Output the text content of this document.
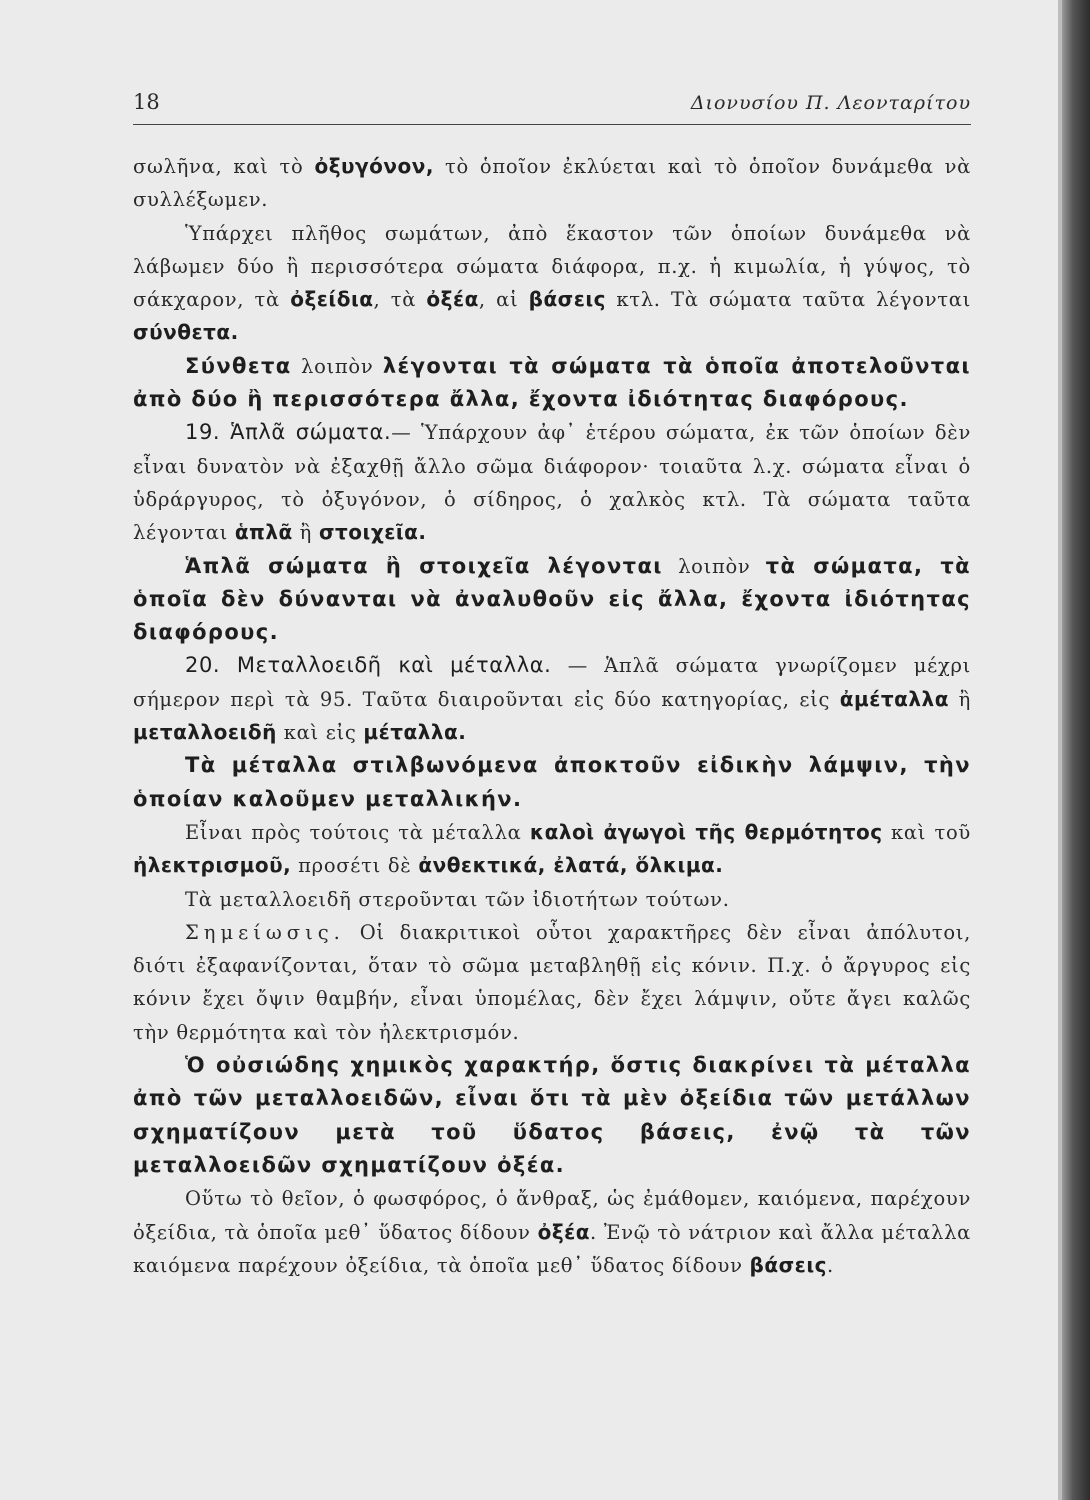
18	Διονυσίου Π. Λεονταρίτου

σωλῆνα, καὶ τὸ ὀξυγόνον, τὸ ὁποῖον ἐκλύεται καὶ τὸ ὁποῖον δυνάμεθα νὰ συλλέξωμεν.

Ὑπάρχει πλῆθος σωμάτων, ἀπὸ ἕκαστον τῶν ὁποίων δυνάμεθα νὰ λάβωμεν δύο ἢ περισσότερα σώματα διάφορα, π.χ. ἡ κιμωλία, ἡ γύψος, τὸ σάκχαρον, τὰ ὀξείδια, τὰ ὀξέα, αἱ βάσεις κτλ. Τὰ σώματα ταῦτα λέγονται σύνθετα.

Σύνθετα λοιπὸν λέγονται τὰ σώματα τὰ ὁποῖα ἀποτελοῦνται ἀπὸ δύο ἢ περισσότερα ἄλλα, ἔχοντα ἰδιότητας διαφόρους.

19. Ἁπλᾶ σώματα.— Ὑπάρχουν ἀφ᾽ ἑτέρου σώματα, ἐκ τῶν ὁποίων δὲν εἶναι δυνατὸν νὰ ἐξαχθῇ ἄλλο σῶμα διάφορον· τοιαῦτα λ.χ. σώματα εἶναι ὁ ὑδράργυρος, τὸ ὀξυγόνον, ὁ σίδηρος, ὁ χαλκὸς κτλ. Τὰ σώματα ταῦτα λέγονται ἁπλᾶ ἢ στοιχεῖα.

Ἁπλᾶ σώματα ἢ στοιχεῖα λέγονται λοιπὸν τὰ σώματα, τὰ ὁποῖα δὲν δύνανται νὰ ἀναλυθοῦν εἰς ἄλλα, ἔχοντα ἰδιότητας διαφόρους.

20. Μεταλλοειδῆ καὶ μέταλλα. — Ἁπλᾶ σώματα γνωρίζομεν μέχρι σήμερον περὶ τὰ 95. Ταῦτα διαιροῦνται εἰς δύο κατηγορίας, εἰς ἀμέταλλα ἢ μεταλλοειδῆ καὶ εἰς μέταλλα.

Τὰ μέταλλα στιλβωνόμενα ἀποκτοῦν εἰδικὴν λάμψιν, τὴν ὁποίαν καλοῦμεν μεταλλικήν.

Εἶναι πρὸς τούτοις τὰ μέταλλα καλοὶ ἀγωγοὶ τῆς θερμότητος καὶ τοῦ ἠλεκτρισμοῦ, προσέτι δὲ ἀνθεκτικά, ἐλατά, ὅλκιμα.

Τὰ μεταλλοειδῆ στεροῦνται τῶν ἰδιοτήτων τούτων.

Σημείωσις. Οἱ διακριτικοὶ οὗτοι χαρακτῆρες δὲν εἶναι ἀπόλυτοι, διότι ἐξαφανίζονται, ὅταν τὸ σῶμα μεταβληθῇ εἰς κόνιν. Π.χ. ὁ ἄργυρος εἰς κόνιν ἔχει ὄψιν θαμβήν, εἶναι ὑπομέλας, δὲν ἔχει λάμψιν, οὔτε ἄγει καλῶς τὴν θερμότητα καὶ τὸν ἠλεκτρισμόν.

Ὁ οὐσιώδης χημικὸς χαρακτήρ, ὅστις διακρίνει τὰ μέταλλα ἀπὸ τῶν μεταλλοειδῶν, εἶναι ὅτι τὰ μὲν ὀξείδια τῶν μετάλλων σχηματίζουν μετὰ τοῦ ὕδατος βάσεις, ἐνῷ τὰ τῶν μεταλλοειδῶν σχηματίζουν ὀξέα.

Οὕτω τὸ θεῖον, ὁ φωσφόρος, ὁ ἄνθραξ, ὡς ἐμάθομεν, καιόμενα, παρέχουν ὀξείδια, τὰ ὁποῖα μεθ᾽ ὕδατος δίδουν ὀξέα. Ἐνῷ τὸ νάτριον καὶ ἄλλα μέταλλα καιόμενα παρέχουν ὀξείδια, τὰ ὁποῖα μεθ᾽ ὕδατος δίδουν βάσεις.
